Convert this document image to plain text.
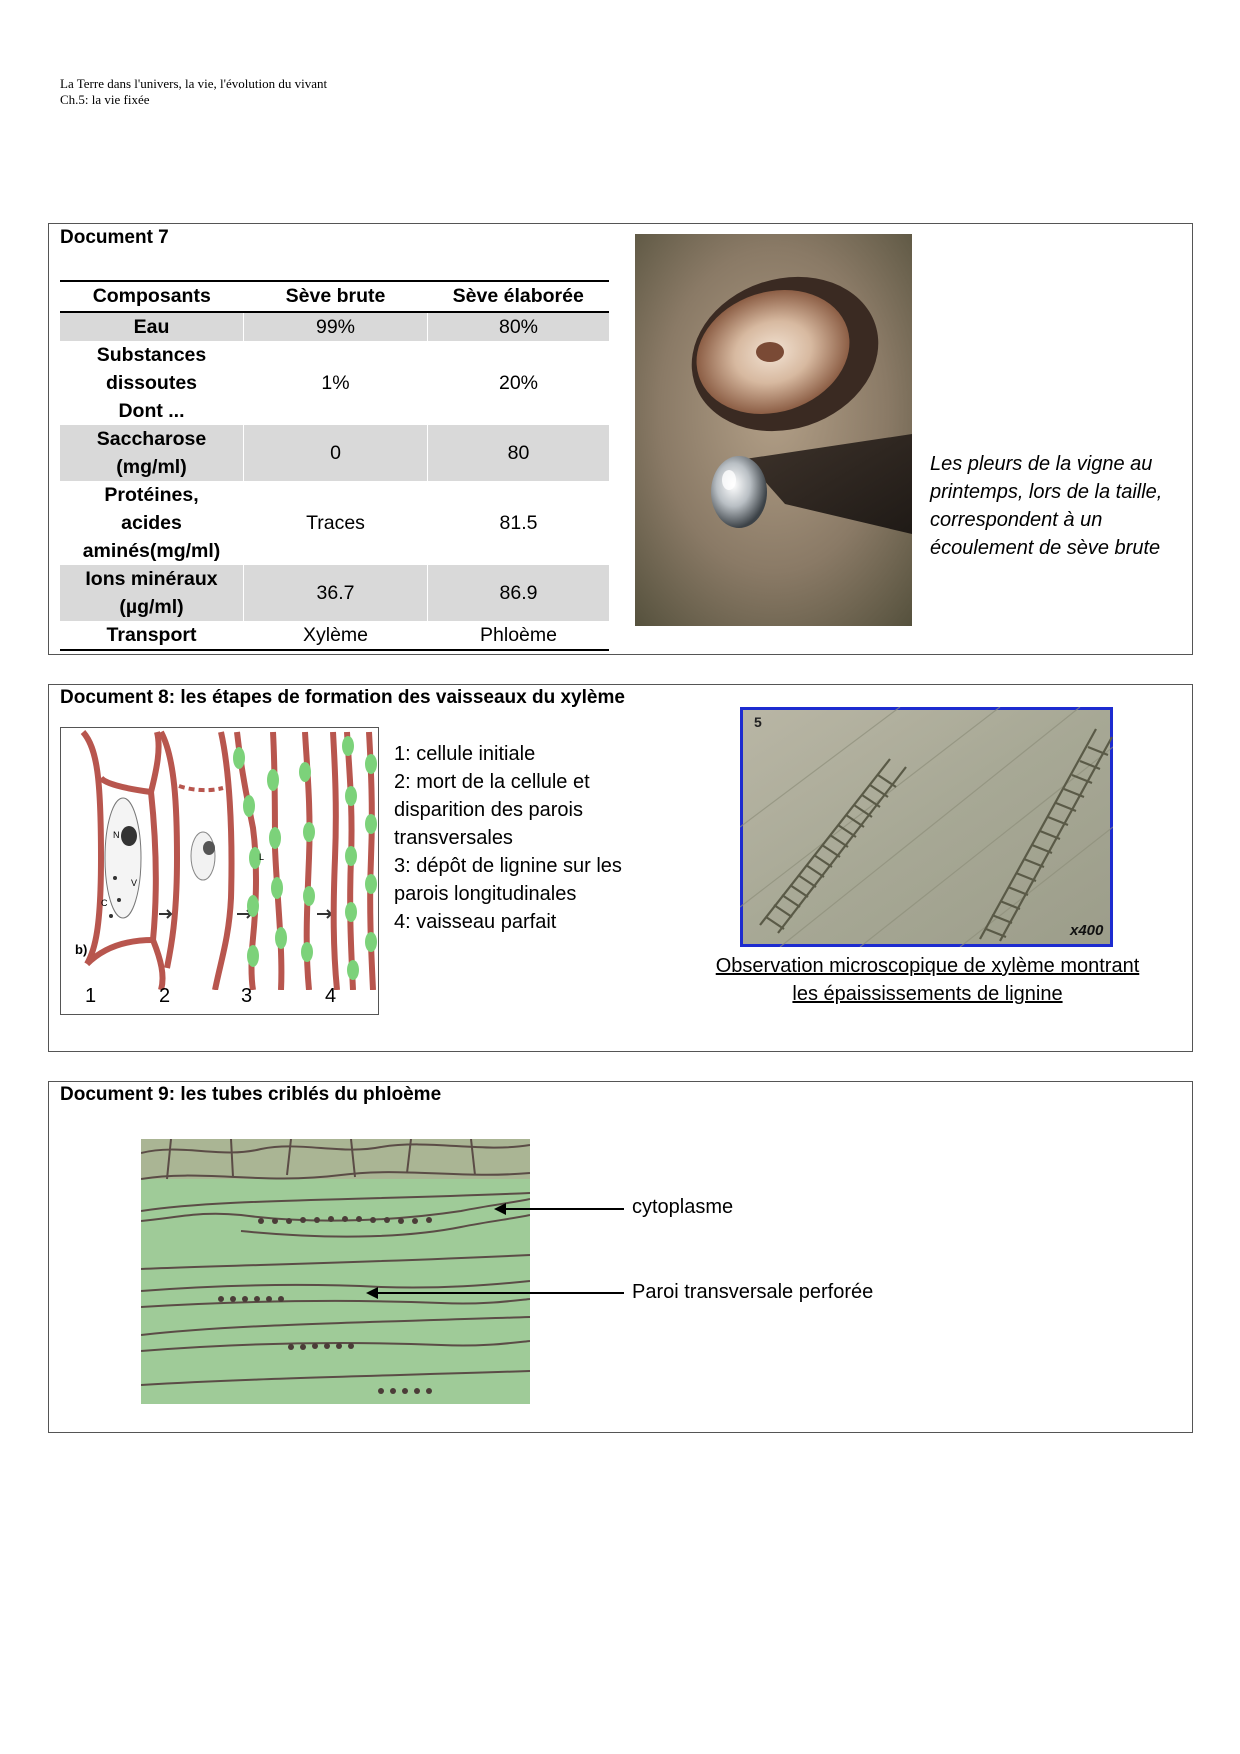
La Terre dans l'univers, la vie, l'évolution du vivant
Ch.5: la vie fixée
Document 7
Composants	Sève brute	Sève élaborée

Eau	99%	80%

Substances
dissoutes
Dont ...	1%	20%

Saccharose
(mg/ml)	0	80

Protéines,
acides
aminés(mg/ml)	Traces	81.5

Ions minéraux
(µg/ml)	36.7	86.9

Transport	Xylème	Phloème
Les pleurs de la vigne au
printemps, lors de la taille,
correspondent à un
écoulement de sève brute
Document 8: les étapes de formation des vaisseaux du xylème
N
V
C
L
b)
1	2	3	4
1: cellule initiale
2: mort de la cellule et
disparition des parois
transversales
3: dépôt de lignine sur les
parois longitudinales
4: vaisseau parfait
5
x400
Observation microscopique de xylème montrant
les épaississements de lignine
Document 9: les tubes criblés du phloème
cytoplasme
Paroi transversale perforée
